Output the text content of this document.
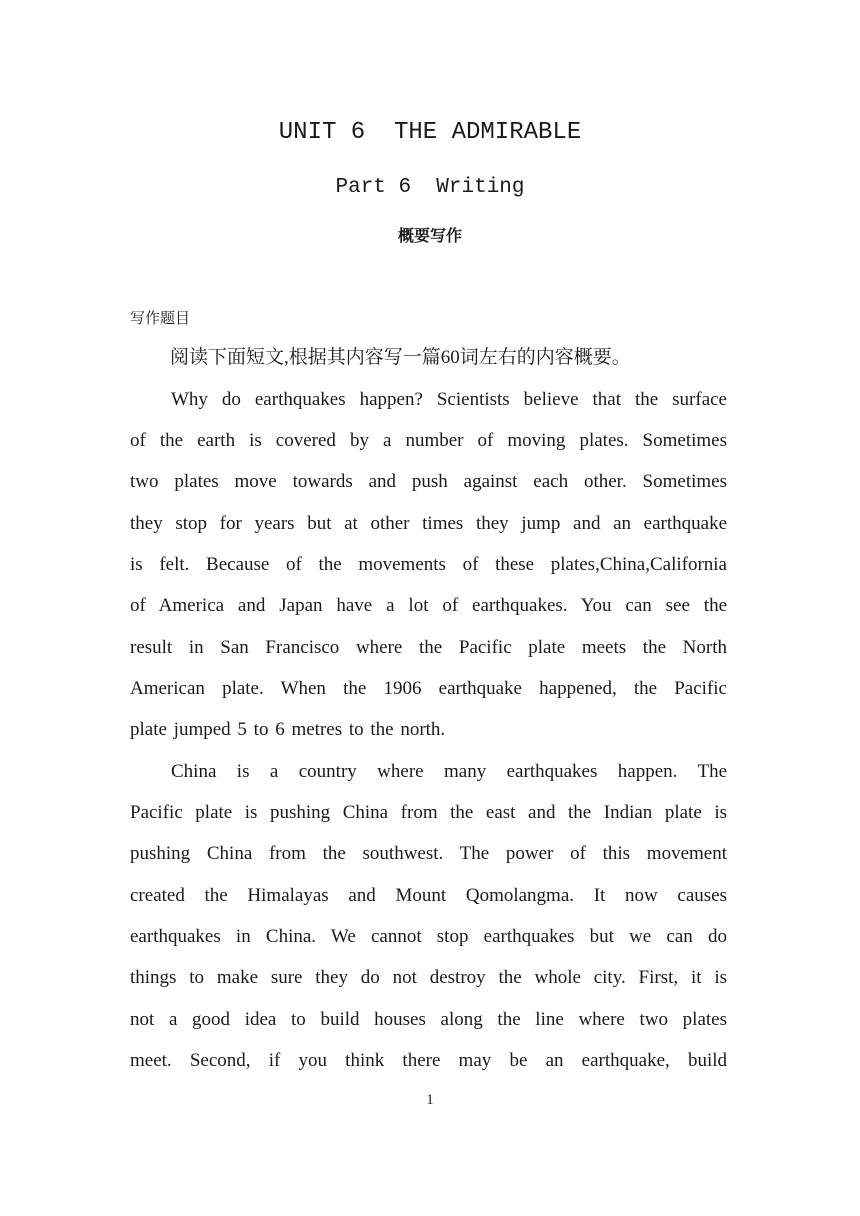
UNIT 6  THE ADMIRABLE
Part 6  Writing
概要写作
写作题目
阅读下面短文,根据其内容写一篇60词左右的内容概要。
Why do earthquakes happen? Scientists believe that the surface
of the earth is covered by a number of moving plates. Sometimes
two plates move towards and push against each other. Sometimes
they stop for years but at other times they jump and an earthquake
is felt. Because of the movements of these plates,China,California
of America and Japan have a lot of earthquakes. You can see the
result in San Francisco where the Pacific plate meets the North
American plate. When the 1906 earthquake happened, the Pacific
plate jumped 5 to 6 metres to the north.
China is a country where many earthquakes happen. The
Pacific plate is pushing China from the east and the Indian plate is
pushing China from the southwest. The power of this movement
created the Himalayas and Mount Qomolangma. It now causes
earthquakes in China. We cannot stop earthquakes but we can do
things to make sure they do not destroy the whole city. First, it is
not a good idea to build houses along the line where two plates
meet. Second, if you think there may be an earthquake, build
1
